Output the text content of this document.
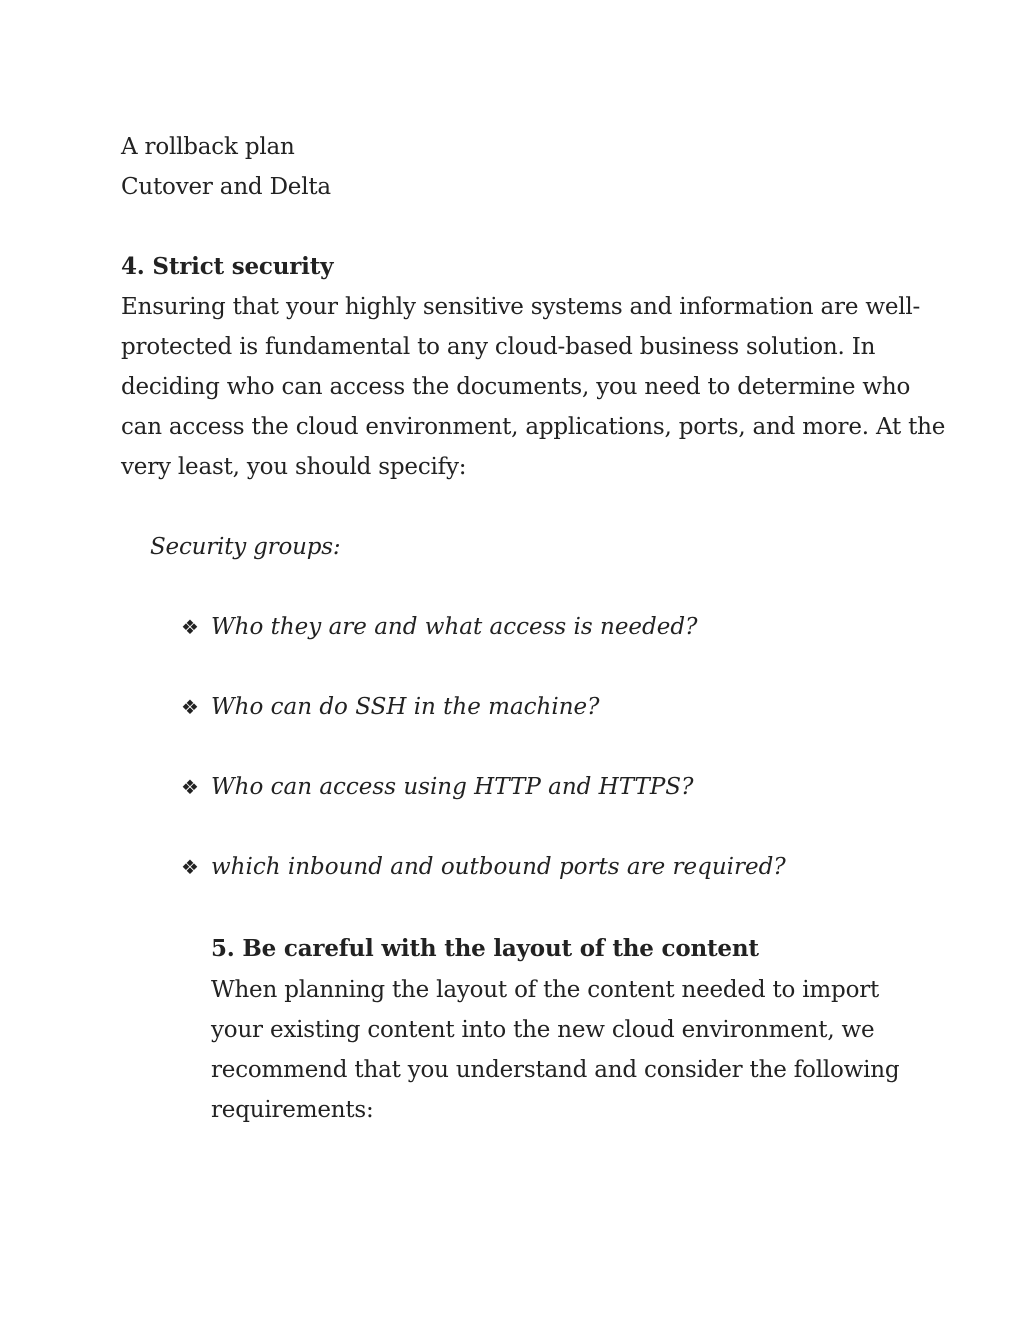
A rollback plan
Cutover and Delta
4. Strict security
Ensuring that your highly sensitive systems and information are well-
protected is fundamental to any cloud-based business solution. In
deciding who can access the documents, you need to determine who
can access the cloud environment, applications, ports, and more. At the
very least, you should specify:
Security groups:
❖ Who they are and what access is needed?
❖ Who can do SSH in the machine?
❖ Who can access using HTTP and HTTPS?
❖ which inbound and outbound ports are required?
5. Be careful with the layout of the content
When planning the layout of the content needed to import
your existing content into the new cloud environment, we
recommend that you understand and consider the following
requirements:
